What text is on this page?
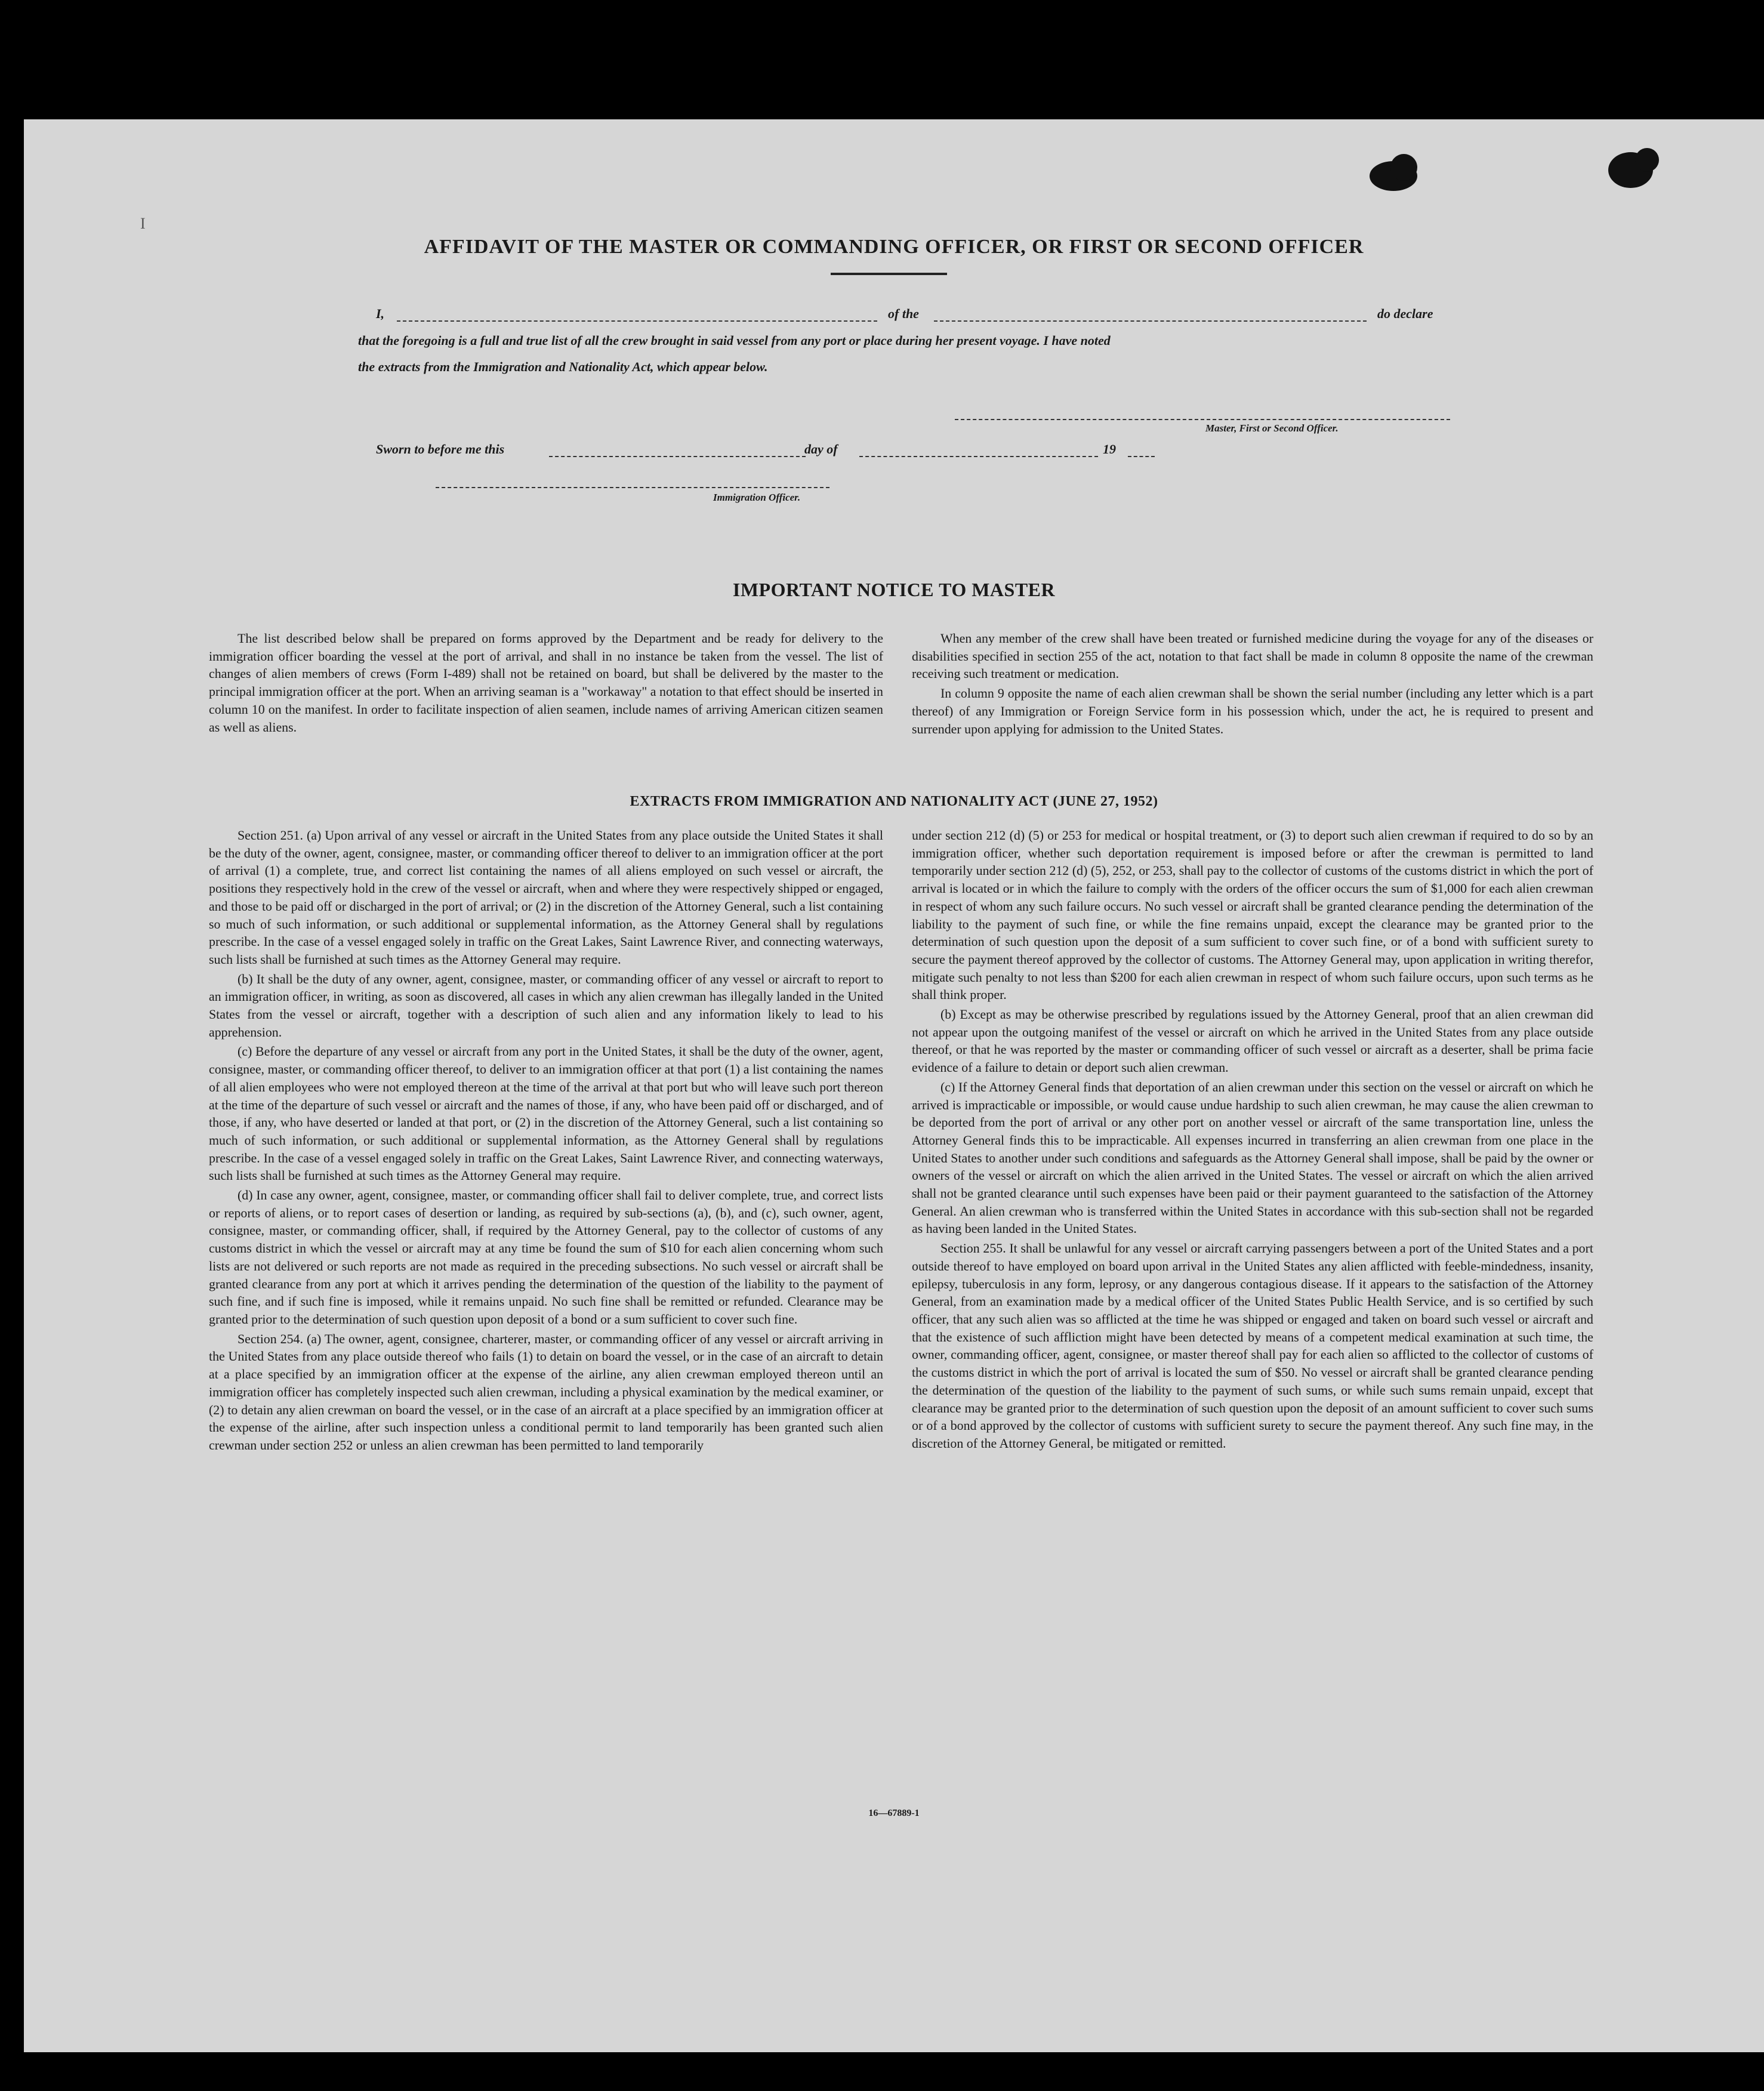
I
AFFIDAVIT OF THE MASTER OR COMMANDING OFFICER, OR FIRST OR SECOND OFFICER
I,	of the	do declare
that the foregoing is a full and true list of all the crew brought in said vessel from any port or place during her present voyage. I have noted
the extracts from the Immigration and Nationality Act, which appear below.
Master, First or Second Officer.
Sworn to before me this	day of	19
Immigration Officer.
IMPORTANT NOTICE TO MASTER

The list described below shall be prepared on forms approved by the Department and be ready for delivery to the immigration officer boarding the vessel at the port of arrival, and shall in no instance be taken from the vessel. The list of changes of alien members of crews (Form I-489) shall not be retained on board, but shall be delivered by the master to the principal immigration officer at the port. When an arriving seaman is a "workaway" a notation to that effect should be inserted in column 10 on the manifest. In order to facilitate inspection of alien seamen, include names of arriving American citizen seamen as well as aliens.

When any member of the crew shall have been treated or furnished medicine during the voyage for any of the diseases or disabilities specified in section 255 of the act, notation to that fact shall be made in column 8 opposite the name of the crewman receiving such treatment or medication.

In column 9 opposite the name of each alien crewman shall be shown the serial number (including any letter which is a part thereof) of any Immigration or Foreign Service form in his possession which, under the act, he is required to present and surrender upon applying for admission to the United States.

EXTRACTS FROM IMMIGRATION AND NATIONALITY ACT (JUNE 27, 1952)

Section 251. (a) Upon arrival of any vessel or aircraft in the United States from any place outside the United States it shall be the duty of the owner, agent, consignee, master, or commanding officer thereof to deliver to an immigration officer at the port of arrival (1) a complete, true, and correct list containing the names of all aliens employed on such vessel or aircraft, the positions they respectively hold in the crew of the vessel or aircraft, when and where they were respectively shipped or engaged, and those to be paid off or discharged in the port of arrival; or (2) in the discretion of the Attorney General, such a list containing so much of such information, or such additional or supplemental information, as the Attorney General shall by regulations prescribe. In the case of a vessel engaged solely in traffic on the Great Lakes, Saint Lawrence River, and connecting waterways, such lists shall be furnished at such times as the Attorney General may require.

(b) It shall be the duty of any owner, agent, consignee, master, or commanding officer of any vessel or aircraft to report to an immigration officer, in writing, as soon as discovered, all cases in which any alien crewman has illegally landed in the United States from the vessel or aircraft, together with a description of such alien and any information likely to lead to his apprehension.

(c) Before the departure of any vessel or aircraft from any port in the United States, it shall be the duty of the owner, agent, consignee, master, or commanding officer thereof, to deliver to an immigration officer at that port (1) a list containing the names of all alien employees who were not employed thereon at the time of the arrival at that port but who will leave such port thereon at the time of the departure of such vessel or aircraft and the names of those, if any, who have been paid off or discharged, and of those, if any, who have deserted or landed at that port, or (2) in the discretion of the Attorney General, such a list containing so much of such information, or such additional or supplemental information, as the Attorney General shall by regulations prescribe. In the case of a vessel engaged solely in traffic on the Great Lakes, Saint Lawrence River, and connecting waterways, such lists shall be furnished at such times as the Attorney General may require.

(d) In case any owner, agent, consignee, master, or commanding officer shall fail to deliver complete, true, and correct lists or reports of aliens, or to report cases of desertion or landing, as required by sub-sections (a), (b), and (c), such owner, agent, consignee, master, or commanding officer, shall, if required by the Attorney General, pay to the collector of customs of any customs district in which the vessel or aircraft may at any time be found the sum of $10 for each alien concerning whom such lists are not delivered or such reports are not made as required in the preceding subsections. No such vessel or aircraft shall be granted clearance from any port at which it arrives pending the determination of the question of the liability to the payment of such fine, and if such fine is imposed, while it remains unpaid. No such fine shall be remitted or refunded. Clearance may be granted prior to the determination of such question upon deposit of a bond or a sum sufficient to cover such fine.

Section 254. (a) The owner, agent, consignee, charterer, master, or commanding officer of any vessel or aircraft arriving in the United States from any place outside thereof who fails (1) to detain on board the vessel, or in the case of an aircraft to detain at a place specified by an immigration officer at the expense of the airline, any alien crewman employed thereon until an immigration officer has completely inspected such alien crewman, including a physical examination by the medical examiner, or (2) to detain any alien crewman on board the vessel, or in the case of an aircraft at a place specified by an immigration officer at the expense of the airline, after such inspection unless a conditional permit to land temporarily has been granted such alien crewman under section 252 or unless an alien crewman has been permitted to land temporarily

under section 212 (d) (5) or 253 for medical or hospital treatment, or (3) to deport such alien crewman if required to do so by an immigration officer, whether such deportation requirement is imposed before or after the crewman is permitted to land temporarily under section 212 (d) (5), 252, or 253, shall pay to the collector of customs of the customs district in which the port of arrival is located or in which the failure to comply with the orders of the officer occurs the sum of $1,000 for each alien crewman in respect of whom any such failure occurs. No such vessel or aircraft shall be granted clearance pending the determination of the liability to the payment of such fine, or while the fine remains unpaid, except the clearance may be granted prior to the determination of such question upon the deposit of a sum sufficient to cover such fine, or of a bond with sufficient surety to secure the payment thereof approved by the collector of customs. The Attorney General may, upon application in writing therefor, mitigate such penalty to not less than $200 for each alien crewman in respect of whom such failure occurs, upon such terms as he shall think proper.

(b) Except as may be otherwise prescribed by regulations issued by the Attorney General, proof that an alien crewman did not appear upon the outgoing manifest of the vessel or aircraft on which he arrived in the United States from any place outside thereof, or that he was reported by the master or commanding officer of such vessel or aircraft as a deserter, shall be prima facie evidence of a failure to detain or deport such alien crewman.

(c) If the Attorney General finds that deportation of an alien crewman under this section on the vessel or aircraft on which he arrived is impracticable or impossible, or would cause undue hardship to such alien crewman, he may cause the alien crewman to be deported from the port of arrival or any other port on another vessel or aircraft of the same transportation line, unless the Attorney General finds this to be impracticable. All expenses incurred in transferring an alien crewman from one place in the United States to another under such conditions and safeguards as the Attorney General shall impose, shall be paid by the owner or owners of the vessel or aircraft on which the alien arrived in the United States. The vessel or aircraft on which the alien arrived shall not be granted clearance until such expenses have been paid or their payment guaranteed to the satisfaction of the Attorney General. An alien crewman who is transferred within the United States in accordance with this sub-section shall not be regarded as having been landed in the United States.

Section 255. It shall be unlawful for any vessel or aircraft carrying passengers between a port of the United States and a port outside thereof to have employed on board upon arrival in the United States any alien afflicted with feeble-mindedness, insanity, epilepsy, tuberculosis in any form, leprosy, or any dangerous contagious disease. If it appears to the satisfaction of the Attorney General, from an examination made by a medical officer of the United States Public Health Service, and is so certified by such officer, that any such alien was so afflicted at the time he was shipped or engaged and taken on board such vessel or aircraft and that the existence of such affliction might have been detected by means of a competent medical examination at such time, the owner, commanding officer, agent, consignee, or master thereof shall pay for each alien so afflicted to the collector of customs of the customs district in which the port of arrival is located the sum of $50. No vessel or aircraft shall be granted clearance pending the determination of the question of the liability to the payment of such sums, or while such sums remain unpaid, except that clearance may be granted prior to the determination of such question upon the deposit of an amount sufficient to cover such sums or of a bond approved by the collector of customs with sufficient surety to secure the payment thereof. Any such fine may, in the discretion of the Attorney General, be mitigated or remitted.

16—67889-1
